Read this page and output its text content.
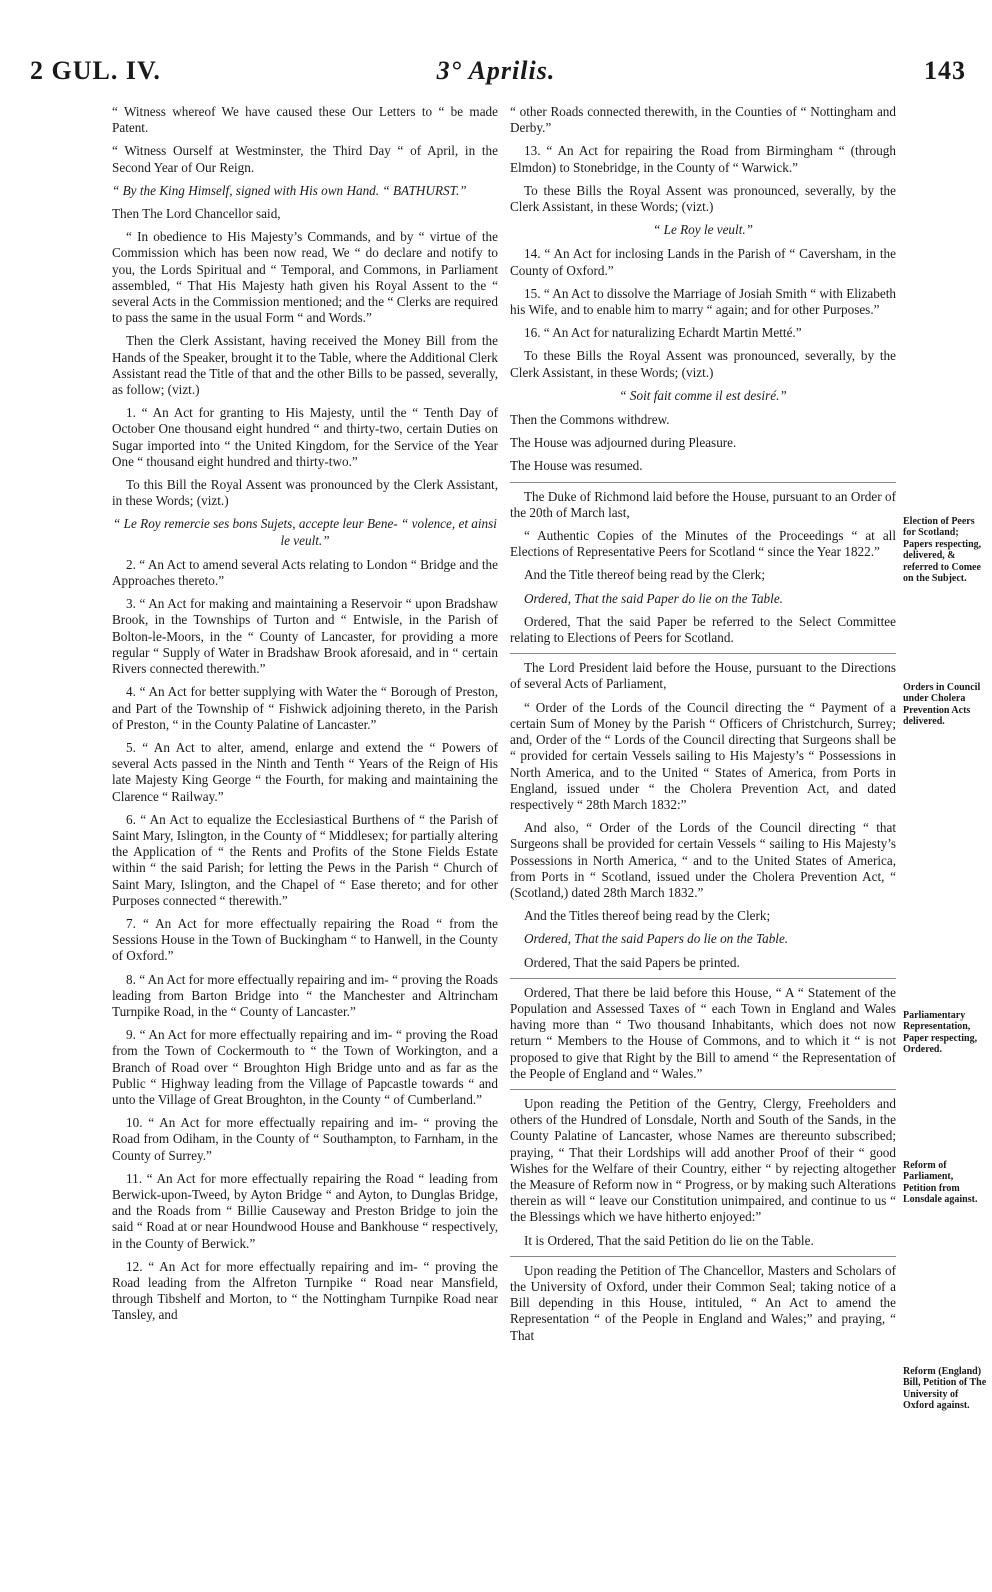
2 GUL. IV.	3° Aprilis.	143

“ Witness whereof We have caused these Our Letters to “ be made Patent.

“ Witness Ourself at Westminster, the Third Day “ of April, in the Second Year of Our Reign.

“ By the King Himself, signed with His own Hand. “ BATHURST.”

Then The Lord Chancellor said,

“ In obedience to His Majesty’s Commands, and by “ virtue of the Commission which has been now read, We “ do declare and notify to you, the Lords Spiritual and “ Temporal, and Commons, in Parliament assembled, “ That His Majesty hath given his Royal Assent to the “ several Acts in the Commission mentioned; and the “ Clerks are required to pass the same in the usual Form “ and Words.”

Then the Clerk Assistant, having received the Money Bill from the Hands of the Speaker, brought it to the Table, where the Additional Clerk Assistant read the Title of that and the other Bills to be passed, severally, as follow; (vizt.)

1. “ An Act for granting to His Majesty, until the “ Tenth Day of October One thousand eight hundred “ and thirty-two, certain Duties on Sugar imported into “ the United Kingdom, for the Service of the Year One “ thousand eight hundred and thirty-two.”

To this Bill the Royal Assent was pronounced by the Clerk Assistant, in these Words; (vizt.)

“ Le Roy remercie ses bons Sujets, accepte leur Bene- “ volence, et ainsi le veult.”

2. “ An Act to amend several Acts relating to London “ Bridge and the Approaches thereto.”

3. “ An Act for making and maintaining a Reservoir “ upon Bradshaw Brook, in the Townships of Turton and “ Entwisle, in the Parish of Bolton-le-Moors, in the “ County of Lancaster, for providing a more regular “ Supply of Water in Bradshaw Brook aforesaid, and in “ certain Rivers connected therewith.”

4. “ An Act for better supplying with Water the “ Borough of Preston, and Part of the Township of “ Fishwick adjoining thereto, in the Parish of Preston, “ in the County Palatine of Lancaster.”

5. “ An Act to alter, amend, enlarge and extend the “ Powers of several Acts passed in the Ninth and Tenth “ Years of the Reign of His late Majesty King George “ the Fourth, for making and maintaining the Clarence “ Railway.”

6. “ An Act to equalize the Ecclesiastical Burthens of “ the Parish of Saint Mary, Islington, in the County of “ Middlesex; for partially altering the Application of “ the Rents and Profits of the Stone Fields Estate within “ the said Parish; for letting the Pews in the Parish “ Church of Saint Mary, Islington, and the Chapel of “ Ease thereto; and for other Purposes connected “ therewith.”

7. “ An Act for more effectually repairing the Road “ from the Sessions House in the Town of Buckingham “ to Hanwell, in the County of Oxford.”

8. “ An Act for more effectually repairing and im- “ proving the Roads leading from Barton Bridge into “ the Manchester and Altrincham Turnpike Road, in the “ County of Lancaster.”

9. “ An Act for more effectually repairing and im- “ proving the Road from the Town of Cockermouth to “ the Town of Workington, and a Branch of Road over “ Broughton High Bridge unto and as far as the Public “ Highway leading from the Village of Papcastle towards “ and unto the Village of Great Broughton, in the County “ of Cumberland.”

10. “ An Act for more effectually repairing and im- “ proving the Road from Odiham, in the County of “ Southampton, to Farnham, in the County of Surrey.”

11. “ An Act for more effectually repairing the Road “ leading from Berwick-upon-Tweed, by Ayton Bridge “ and Ayton, to Dunglas Bridge, and the Roads from “ Billie Causeway and Preston Bridge to join the said “ Road at or near Houndwood House and Bankhouse “ respectively, in the County of Berwick.”

12. “ An Act for more effectually repairing and im- “ proving the Road leading from the Alfreton Turnpike “ Road near Mansfield, through Tibshelf and Morton, to “ the Nottingham Turnpike Road near Tansley, and

“ other Roads connected therewith, in the Counties of “ Nottingham and Derby.”

13. “ An Act for repairing the Road from Birmingham “ (through Elmdon) to Stonebridge, in the County of “ Warwick.”

To these Bills the Royal Assent was pronounced, severally, by the Clerk Assistant, in these Words; (vizt.)

“ Le Roy le veult.”

14. “ An Act for inclosing Lands in the Parish of “ Caversham, in the County of Oxford.”

15. “ An Act to dissolve the Marriage of Josiah Smith “ with Elizabeth his Wife, and to enable him to marry “ again; and for other Purposes.”

16. “ An Act for naturalizing Echardt Martin Metté.”

To these Bills the Royal Assent was pronounced, severally, by the Clerk Assistant, in these Words; (vizt.)

“ Soit fait comme il est desiré.”

Then the Commons withdrew.

The House was adjourned during Pleasure.

The House was resumed.

The Duke of Richmond laid before the House, pursuant to an Order of the 20th of March last,

“ Authentic Copies of the Minutes of the Proceedings “ at all Elections of Representative Peers for Scotland “ since the Year 1822.”

And the Title thereof being read by the Clerk;

Ordered, That the said Paper do lie on the Table.

Ordered, That the said Paper be referred to the Select Committee relating to Elections of Peers for Scotland.

The Lord President laid before the House, pursuant to the Directions of several Acts of Parliament,

“ Order of the Lords of the Council directing the “ Payment of a certain Sum of Money by the Parish “ Officers of Christchurch, Surrey; and, Order of the “ Lords of the Council directing that Surgeons shall be “ provided for certain Vessels sailing to His Majesty’s “ Possessions in North America, and to the United “ States of America, from Ports in England, issued under “ the Cholera Prevention Act, and dated respectively “ 28th March 1832:”

And also, “ Order of the Lords of the Council directing “ that Surgeons shall be provided for certain Vessels “ sailing to His Majesty’s Possessions in North America, “ and to the United States of America, from Ports in “ Scotland, issued under the Cholera Prevention Act, “ (Scotland,) dated 28th March 1832.”

And the Titles thereof being read by the Clerk;

Ordered, That the said Papers do lie on the Table.

Ordered, That the said Papers be printed.

Ordered, That there be laid before this House, “ A “ Statement of the Population and Assessed Taxes of “ each Town in England and Wales having more than “ Two thousand Inhabitants, which does not now return “ Members to the House of Commons, and to which it “ is not proposed to give that Right by the Bill to amend “ the Representation of the People of England and “ Wales.”

Upon reading the Petition of the Gentry, Clergy, Freeholders and others of the Hundred of Lonsdale, North and South of the Sands, in the County Palatine of Lancaster, whose Names are thereunto subscribed; praying, “ That their Lordships will add another Proof of their “ good Wishes for the Welfare of their Country, either “ by rejecting altogether the Measure of Reform now in “ Progress, or by making such Alterations therein as will “ leave our Constitution unimpaired, and continue to us “ the Blessings which we have hitherto enjoyed:”

It is Ordered, That the said Petition do lie on the Table.

Upon reading the Petition of The Chancellor, Masters and Scholars of the University of Oxford, under their Common Seal; taking notice of a Bill depending in this House, intituled, “ An Act to amend the Representation “ of the People in England and Wales;” and praying, “ That

Election of Peers for Scotland; Papers respecting, delivered, & referred to Comee on the Subject.
Orders in Council under Cholera Prevention Acts delivered.
Parliamentary Representation, Paper respecting, Ordered.
Reform of Parliament, Petition from Lonsdale against.
Reform (England) Bill, Petition of The University of Oxford against.
